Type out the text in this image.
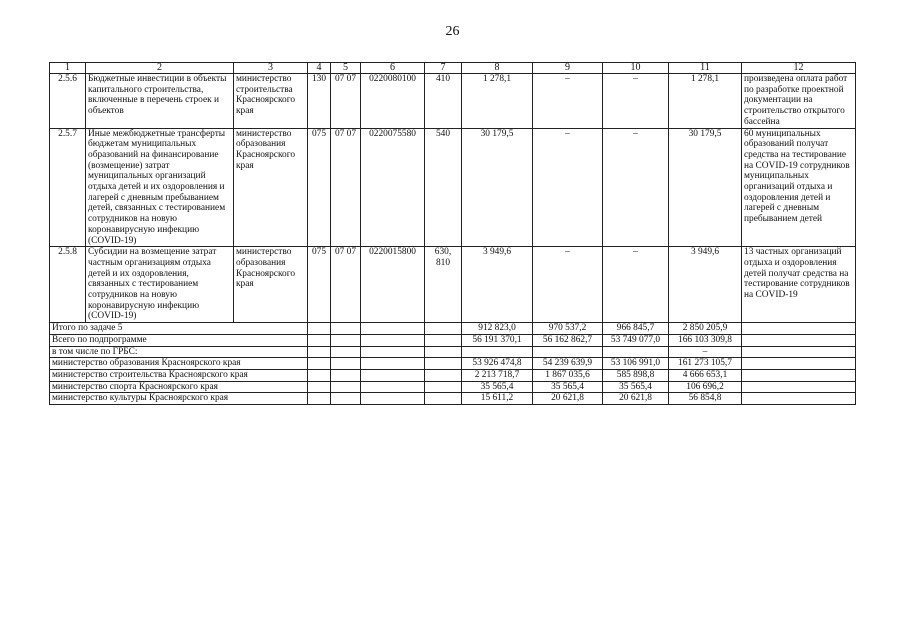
26
1	2	3	4	5	6	7	8	9	10	11	12
2.5.6	Бюджетные инвестиции в объекты капитального строительства, включенные в перечень строек и объектов	министерство строительства Красноярского края	130	07 07	0220080100	410	1 278,1	–	–	1 278,1	произведена оплата работ по разработке проектной документации на строительство открытого бассейна
2.5.7	Иные межбюджетные трансферты бюджетам муниципальных образований на финансирование (возмещение) затрат муниципальных организаций отдыха детей и их оздоровления и лагерей с дневным пребыванием детей, связанных с тестированием сотрудников на новую коронавирусную инфекцию (COVID-19)	министерство образования Красноярского края	075	07 07	0220075580	540	30 179,5	–	–	30 179,5	60 муниципальных образований получат средства на тестирование на COVID-19 сотрудников муниципальных организаций отдыха и оздоровления детей и лагерей с дневным пребыванием детей
2.5.8	Субсидии на возмещение затрат частным организациям отдыха детей и их оздоровления, связанных с тестированием сотрудников на новую коронавирусную инфекцию (COVID-19)	министерство образования Красноярского края	075	07 07	0220015800	630, 810	3 949,6	–	–	3 949,6	13 частных организаций отдыха и оздоровления детей получат средства на тестирование сотрудников на COVID-19
Итого по задаче 5							912 823,0	970 537,2	966 845,7	2 850 205,9	
Всего по подпрограмме							56 191 370,1	56 162 862,7	53 749 077,0	166 103 309,8	
в том числе по ГРБС:										–	
министерство образования Красноярского края							53 926 474,8	54 239 639,9	53 106 991,0	161 273 105,7	
министерство строительства Красноярского края							2 213 718,7	1 867 035,6	585 898,8	4 666 653,1	
министерство спорта Красноярского края							35 565,4	35 565,4	35 565,4	106 696,2	
министерство культуры Красноярского края							15 611,2	20 621,8	20 621,8	56 854,8	
